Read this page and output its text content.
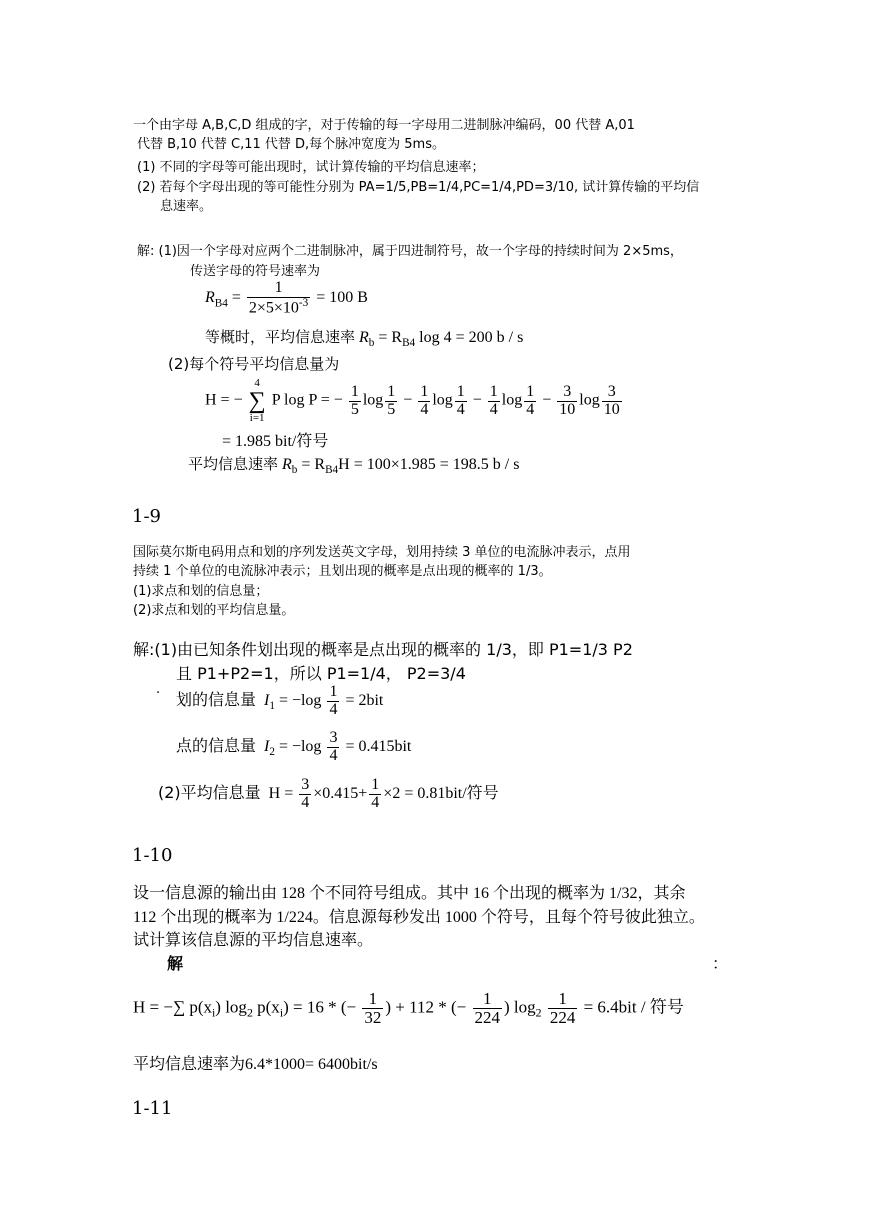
一个由字母 A,B,C,D 组成的字，对于传输的每一字母用二进制脉冲编码，00 代替 A,01
代替 B,10 代替 C,11 代替 D,每个脉冲宽度为 5ms。
(1) 不同的字母等可能出现时，试计算传输的平均信息速率；
(2) 若每个字母出现的等可能性分别为 PA=1/5,PB=1/4,PC=1/4,PD=3/10, 试计算传输的平均信
息速率。
解: (1)因一个字母对应两个二进制脉冲，属于四进制符号，故一个字母的持续时间为 2×5ms，
传送字母的符号速率为
$R_{B4} = \frac{1}{2\times 5\times 10^{-3}} = 100$ B
等概时，平均信息速率 $R_b = R_{B4}$ log 4 = 200 b / s
(2)每个符号平均信息量为
H = −
4
∑
i=1
P log P = − $\frac{1}{5}$ $\log \frac{1}{5} - \frac{1}{4}$ $\log \frac{1}{4} - \frac{1}{4}$ $\log \frac{1}{4} - \frac{3}{10}$ $\log \frac{3}{10}$
= 1.985 bit/符号
平均信息速率 $R_b = R_{B4}H = 100\times 1.985 = 198.5$ b / s
1-9
国际莫尔斯电码用点和划的序列发送英文字母，划用持续 3 单位的电流脉冲表示，点用
持续 1 个单位的电流脉冲表示；且划出现的概率是点出现的概率的 1/3。
(1)求点和划的信息量；
(2)求点和划的平均信息量。
解:(1)由已知条件划出现的概率是点出现的概率的 1/3，即 P1=1/3 P2
且 P1+P2=1，所以 P1=1/4， P2=3/4
· 划的信息量 $I_1 = -\log \frac{1}{4} = 2bit$
点的信息量 $I_2 = -\log \frac{3}{4} = 0.415bit$
(2)平均信息量 $H = \frac{3}{4} \times 0.415+ \frac{1}{4} \times 2 = 0.81bit/$符号
1-10
设一信息源的输出由 128 个不同符号组成。其中 16 个出现的概率为 1/32，其余
112 个出现的概率为 1/224。信息源每秒发出 1000 个符号，且每个符号彼此独立。
试计算该信息源的平均信息速率。
解	：
H = −∑ $p(x_i)$ $\log_2 p(x_i) = 16$ * (− $\frac{1}{32}$ ) + 112 * (− $\frac{1}{224}$ ) $\log_2 \frac{1}{224} = 6.4bit$ / 符号
平均信息速率为6.4*1000= 6400bit/s
1-11
